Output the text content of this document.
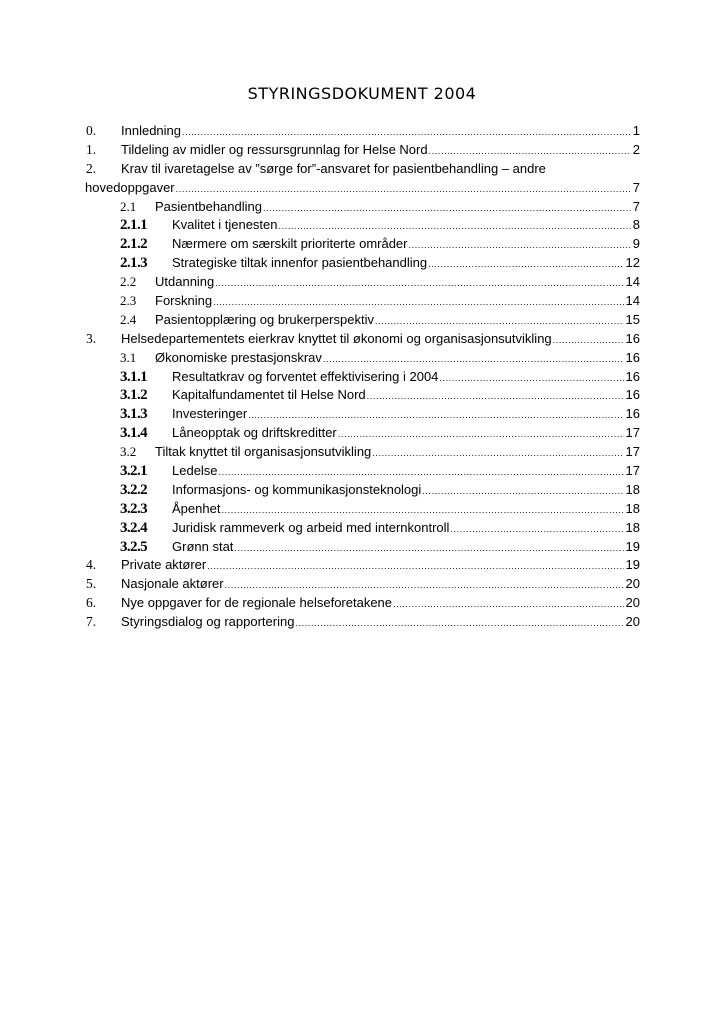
STYRINGSDOKUMENT 2004
0. Innledning .....	1
1. Tildeling av midler og ressursgrunnlag for Helse Nord .....	2
2. Krav til ivaretagelse av ”sørge for”-ansvaret for pasientbehandling – andre
hovedoppgaver .....	7
2.1 Pasientbehandling .....	7
2.1.1 Kvalitet i tjenesten .....	8
2.1.2 Nærmere om særskilt prioriterte områder .....	9
2.1.3 Strategiske tiltak innenfor pasientbehandling .....	12
2.2 Utdanning .....	14
2.3 Forskning .....	14
2.4 Pasientopplæring og brukerperspektiv .....	15
3. Helsedepartementets eierkrav knyttet til økonomi og organisasjonsutvikling .....	16
3.1 Økonomiske prestasjonskrav .....	16
3.1.1 Resultatkrav og forventet effektivisering i 2004 .....	16
3.1.2 Kapitalfundamentet til Helse Nord .....	16
3.1.3 Investeringer .....	16
3.1.4 Låneopptak og driftskreditter .....	17
3.2 Tiltak knyttet til organisasjonsutvikling .....	17
3.2.1 Ledelse .....	17
3.2.2 Informasjons- og kommunikasjonsteknologi .....	18
3.2.3 Åpenhet .....	18
3.2.4 Juridisk rammeverk og arbeid med internkontroll .....	18
3.2.5 Grønn stat .....	19
4. Private aktører .....	19
5. Nasjonale aktører .....	20
6. Nye oppgaver for de regionale helseforetakene .....	20
7. Styringsdialog og rapportering .....	20
